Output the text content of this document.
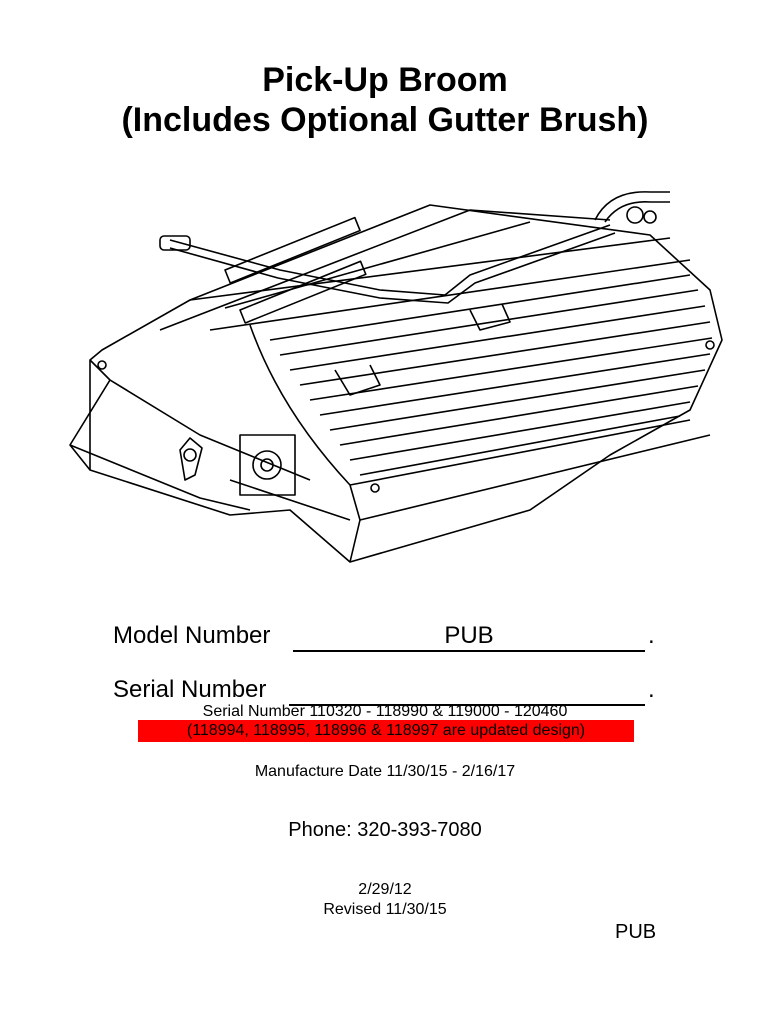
Pick-Up Broom
(Includes Optional Gutter Brush)
Model Number	PUB	.
Serial Number	.
Serial Number 110320 - 118990 & 119000 - 120460
(118994, 118995, 118996 & 118997 are updated design)
Manufacture Date 11/30/15 - 2/16/17
Phone: 320-393-7080
2/29/12
Revised 11/30/15
PUB
